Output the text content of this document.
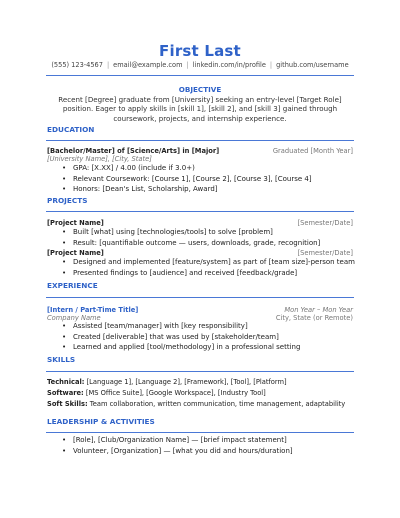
First Last
(555) 123-4567 | email@example.com | linkedin.com/in/profile | github.com/username
OBJECTIVE
Recent [Degree] graduate from [University] seeking an entry-level [Target Role] position. Eager to apply skills in [skill 1], [skill 2], and [skill 3] gained through coursework, projects, and internship experience.
EDUCATION
[Bachelor/Master] of [Science/Arts] in [Major]	Graduated [Month Year]
[University Name], [City, State]
• GPA: [X.XX] / 4.00 (include if 3.0+)
• Relevant Coursework: [Course 1], [Course 2], [Course 3], [Course 4]
• Honors: [Dean's List, Scholarship, Award]
PROJECTS
[Project Name]	[Semester/Date]
• Built [what] using [technologies/tools] to solve [problem]
• Result: [quantifiable outcome — users, downloads, grade, recognition]
[Project Name]	[Semester/Date]
• Designed and implemented [feature/system] as part of [team size]-person team
• Presented findings to [audience] and received [feedback/grade]
EXPERIENCE
[Intern / Part-Time Title]	Mon Year – Mon Year
Company Name	City, State (or Remote)
• Assisted [team/manager] with [key responsibility]
• Created [deliverable] that was used by [stakeholder/team]
• Learned and applied [tool/methodology] in a professional setting
SKILLS
Technical: [Language 1], [Language 2], [Framework], [Tool], [Platform]
Software: [MS Office Suite], [Google Workspace], [Industry Tool]
Soft Skills: Team collaboration, written communication, time management, adaptability
LEADERSHIP & ACTIVITIES
• [Role], [Club/Organization Name] — [brief impact statement]
• Volunteer, [Organization] — [what you did and hours/duration]
